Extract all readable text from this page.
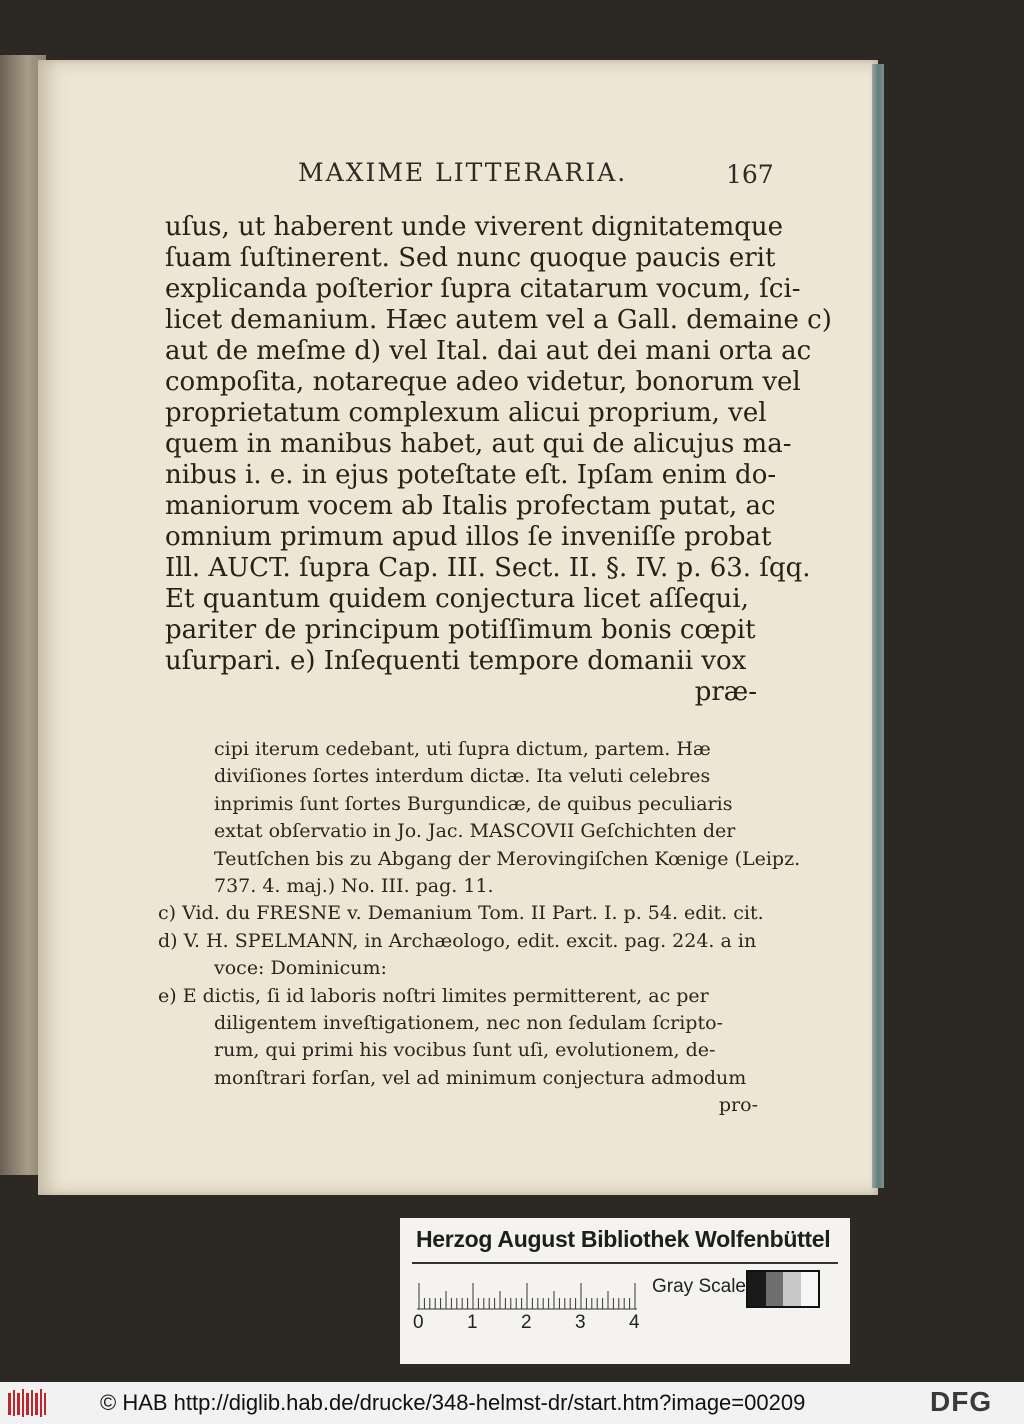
MAXIME LITTERARIA.	167
uſus, ut haberent unde viverent dignitatemque
ſuam ſuſtinerent. Sed nunc quoque paucis erit
explicanda poſterior ſupra citatarum vocum, ſci-
licet demanium. Hæc autem vel a Gall. demaine c)
aut de meſme d) vel Ital. dai aut dei mani orta ac
compoſita, notareque adeo videtur, bonorum vel
proprietatum complexum alicui proprium, vel
quem in manibus habet, aut qui de alicujus ma-
nibus i. e. in ejus poteſtate eſt. Ipſam enim do-
maniorum vocem ab Italis profectam putat, ac
omnium primum apud illos ſe inveniſſe probat
Ill. AUCT. ſupra Cap. III. Sect. II. §. IV. p. 63. ſqq.
Et quantum quidem conjectura licet aſſequi,
pariter de principum potiſſimum bonis cœpit
uſurpari. e) Inſequenti tempore domanii vox
præ-
cipi iterum cedebant, uti ſupra dictum, partem. Hæ
diviſiones ſortes interdum dictæ. Ita veluti celebres
inprimis ſunt ſortes Burgundicæ, de quibus peculiaris
extat obſervatio in Jo. Jac. MASCOVII Geſchichten der
Teutſchen bis zu Abgang der Merovingiſchen Kœnige (Leipz.
737. 4. maj.) No. III. pag. 11.
c) Vid. du FRESNE v. Demanium Tom. II Part. I. p. 54. edit. cit.
d) V. H. SPELMANN, in Archæologo, edit. excit. pag. 224. a in
voce: Dominicum:
e) E dictis, ſi id laboris noſtri limites permitterent, ac per
diligentem inveſtigationem, nec non ſedulam ſcripto-
rum, qui primi his vocibus ſunt uſi, evolutionem, de-
monſtrari forſan, vel ad minimum conjectura admodum
pro-
Herzog August Bibliothek Wolfenbüttel
0 1 2 3 4
Gray Scale
© HAB http://diglib.hab.de/drucke/348-helmst-dr/start.htm?image=00209	DFG
